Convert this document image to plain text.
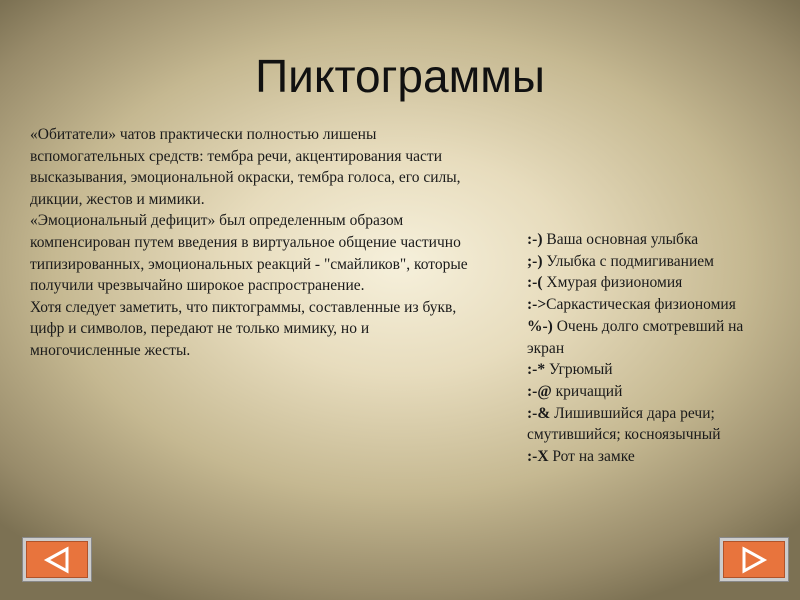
Пиктограммы

«Обитатели» чатов практически полностью лишены вспомогательных средств: тембра речи, акцентирования части высказывания, эмоциональной окраски, тембра голоса, его силы, дикции, жестов и мимики.

«Эмоциональный дефицит» был определенным образом компенсирован путем введения в виртуальное общение частично типизированных, эмоциональных реакций - "смайликов", которые получили чрезвычайно широкое распространение.

Хотя следует заметить, что пиктограммы, составленные из букв, цифр и символов, передают не только мимику, но и многочисленные жесты.

:-) Ваша основная улыбка
;-) Улыбка с подмигиванием
:-( Хмурая физиономия
:->Саркастическая физиономия
%-) Очень долго смотревший на экран
:-* Угрюмый
:-@ кричащий
:-& Лишившийся дара речи; смутившийся; косноязычный
:-X Рот на замке
